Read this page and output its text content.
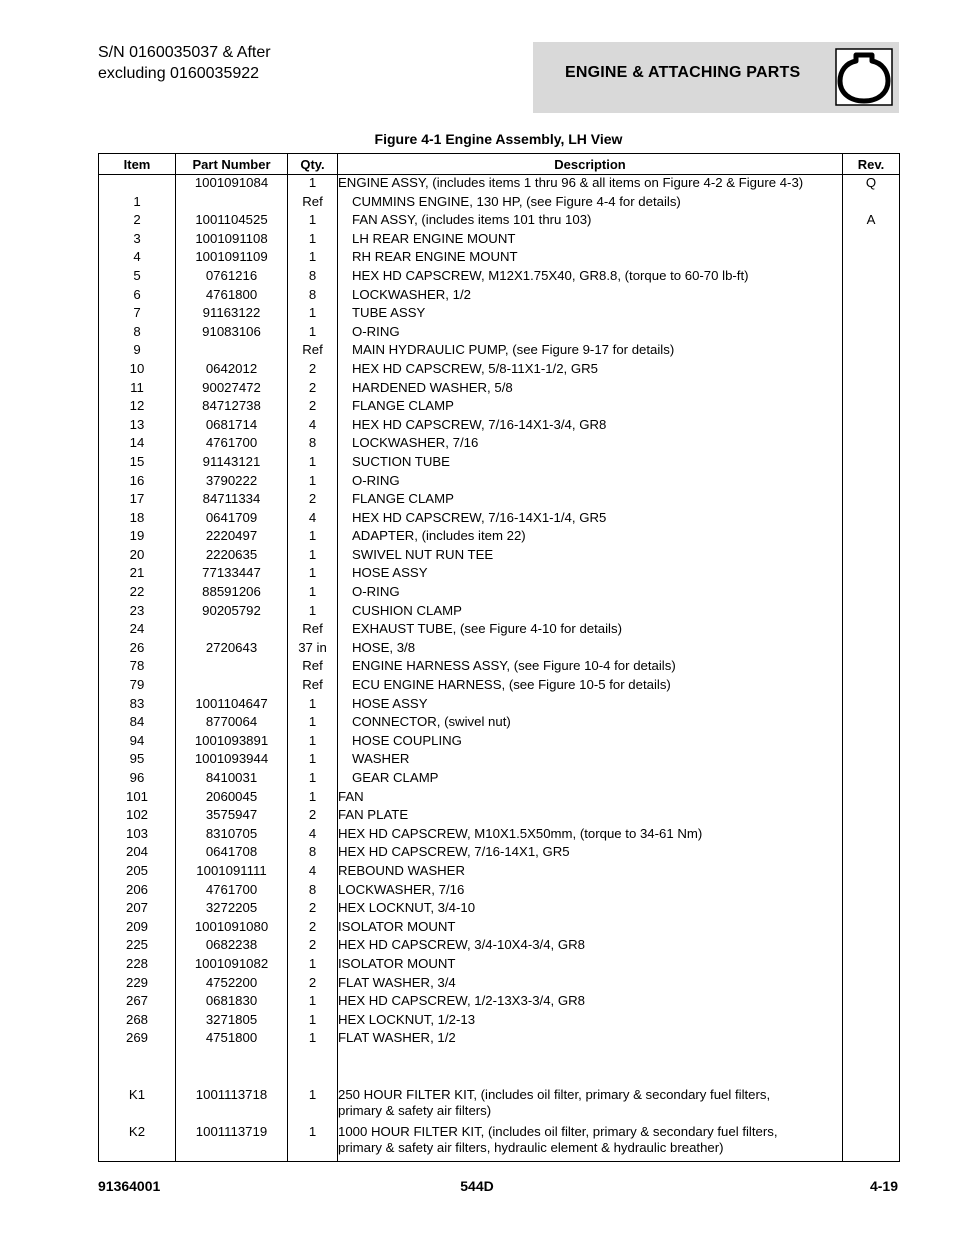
S/N 0160035037 & After
excluding 0160035922	ENGINE & ATTACHING PARTS
Figure 4-1 Engine Assembly, LH View
Item	Part Number	Qty.	Description	Rev.
	1001091084	1	ENGINE ASSY, (includes items 1 thru 96 & all items on Figure 4-2 & Figure 4-3)	Q
1		Ref	CUMMINS ENGINE, 130 HP, (see Figure 4-4 for details)	
2	1001104525	1	FAN ASSY, (includes items 101 thru 103)	A
3	1001091108	1	LH REAR ENGINE MOUNT	
4	1001091109	1	RH REAR ENGINE MOUNT	
5	0761216	8	HEX HD CAPSCREW, M12X1.75X40, GR8.8, (torque to 60-70 lb-ft)	
6	4761800	8	LOCKWASHER, 1/2	
7	91163122	1	TUBE ASSY	
8	91083106	1	O-RING	
9		Ref	MAIN HYDRAULIC PUMP, (see Figure 9-17 for details)	
10	0642012	2	HEX HD CAPSCREW, 5/8-11X1-1/2, GR5	
11	90027472	2	HARDENED WASHER, 5/8	
12	84712738	2	FLANGE CLAMP	
13	0681714	4	HEX HD CAPSCREW, 7/16-14X1-3/4, GR8	
14	4761700	8	LOCKWASHER, 7/16	
15	91143121	1	SUCTION TUBE	
16	3790222	1	O-RING	
17	84711334	2	FLANGE CLAMP	
18	0641709	4	HEX HD CAPSCREW, 7/16-14X1-1/4, GR5	
19	2220497	1	ADAPTER, (includes item 22)	
20	2220635	1	SWIVEL NUT RUN TEE	
21	77133447	1	HOSE ASSY	
22	88591206	1	O-RING	
23	90205792	1	CUSHION CLAMP	
24		Ref	EXHAUST TUBE, (see Figure 4-10 for details)	
26	2720643	37 in	HOSE, 3/8	
78		Ref	ENGINE HARNESS ASSY, (see Figure 10-4 for details)	
79		Ref	ECU ENGINE HARNESS, (see Figure 10-5 for details)	
83	1001104647	1	HOSE ASSY	
84	8770064	1	CONNECTOR, (swivel nut)	
94	1001093891	1	HOSE COUPLING	
95	1001093944	1	WASHER	
96	8410031	1	GEAR CLAMP	
101	2060045	1	FAN	
102	3575947	2	FAN PLATE	
103	8310705	4	HEX HD CAPSCREW, M10X1.5X50mm, (torque to 34-61 Nm)	
204	0641708	8	HEX HD CAPSCREW, 7/16-14X1, GR5	
205	1001091111	4	REBOUND WASHER	
206	4761700	8	LOCKWASHER, 7/16	
207	3272205	2	HEX LOCKNUT, 3/4-10	
209	1001091080	2	ISOLATOR MOUNT	
225	0682238	2	HEX HD CAPSCREW, 3/4-10X4-3/4, GR8	
228	1001091082	1	ISOLATOR MOUNT	
229	4752200	2	FLAT WASHER, 3/4	
267	0681830	1	HEX HD CAPSCREW, 1/2-13X3-3/4, GR8	
268	3271805	1	HEX LOCKNUT, 1/2-13	
269	4751800	1	FLAT WASHER, 1/2	

K1	1001113718	1	250 HOUR FILTER KIT, (includes oil filter, primary & secondary fuel filters,
primary & safety air filters)	

K2	1001113719	1	1000 HOUR FILTER KIT, (includes oil filter, primary & secondary fuel filters,
primary & safety air filters, hydraulic element & hydraulic breather)	

91364001	544D	4-19
